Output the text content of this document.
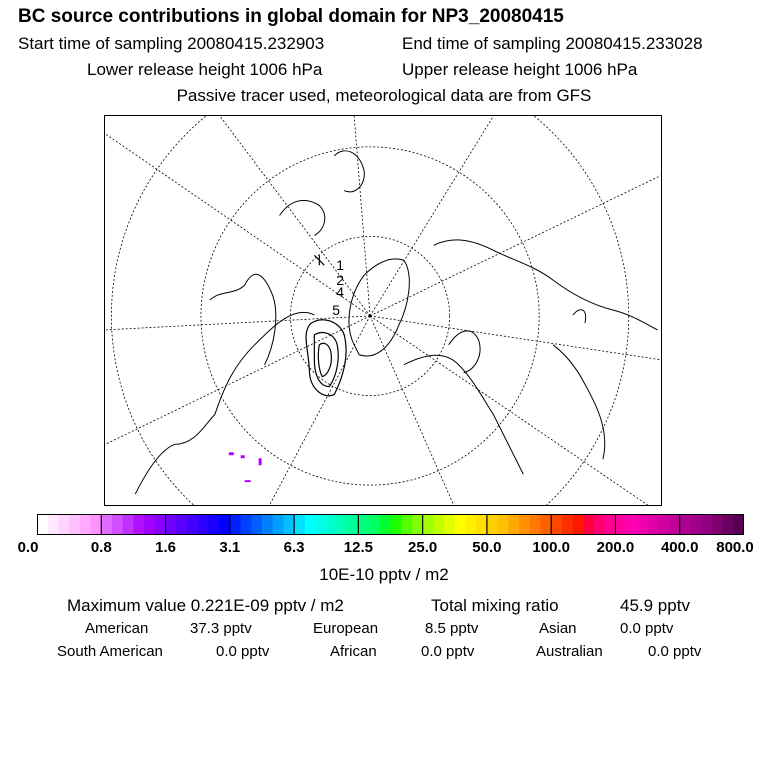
BC source contributions in global domain for NP3_20080415
Start time of sampling 20080415.232903	End time of sampling 20080415.233028
Lower release height 1006 hPa	Upper release height 1006 hPa
Passive tracer used, meteorological data are from GFS
1
2
4
5
0.0	0.8	1.6	3.1	6.3	12.5 25.0 50.0 100.0 200.0 400.0 800.0
10E-10 pptv / m2
Maximum value 0.221E-09 pptv / m2	Total mixing ratio	45.9 pptv
American	37.3 pptv	European	8.5 pptv	Asian	0.0 pptv
South American	0.0 pptv	African	0.0 pptv	Australian	0.0 pptv
